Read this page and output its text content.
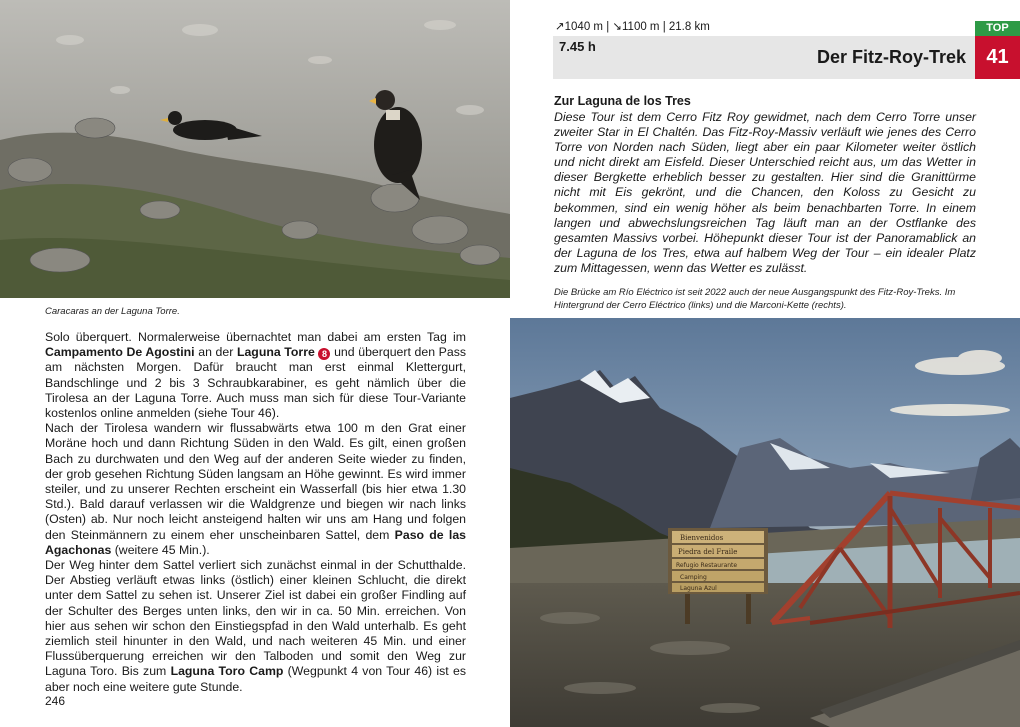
Caracaras an der Laguna Torre.

Solo überquert. Normalerweise übernachtet man dabei am ersten Tag im Campamento De Agostini an der Laguna Torre 8 und überquert den Pass am nächsten Morgen. Dafür braucht man erst einmal Klettergurt, Bandschlinge und 2 bis 3 Schraubkarabiner, es geht nämlich über die Tirolesa an der Laguna Torre. Auch muss man sich für diese Tour-Variante kostenlos online anmelden (siehe Tour 46).

Nach der Tirolesa wandern wir flussabwärts etwa 100 m den Grat einer Moräne hoch und dann Richtung Süden in den Wald. Es gilt, einen großen Bach zu durchwaten und den Weg auf der anderen Seite wieder zu finden, der grob gesehen Richtung Süden langsam an Höhe gewinnt. Es wird immer steiler, und zu unserer Rechten erscheint ein Wasserfall (bis hier etwa 1.30 Std.). Bald darauf verlassen wir die Waldgrenze und biegen wir nach links (Osten) ab. Nur noch leicht ansteigend halten wir uns am Hang und folgen den Steinmännern zu einem eher unscheinbaren Sattel, dem Paso de las Agachonas (weitere 45 Min.).

Der Weg hinter dem Sattel verliert sich zunächst einmal in der Schutthalde. Der Abstieg verläuft etwas links (östlich) einer kleinen Schlucht, die direkt unter dem Sattel zu sehen ist. Unserer Ziel ist dabei ein großer Findling auf der Schulter des Berges unten links, den wir in ca. 50 Min. erreichen. Von hier aus sehen wir schon den Einstiegspfad in den Wald unterhalb. Es geht ziemlich steil hinunter in den Wald, und nach weiteren 45 Min. und einer Flussüberquerung erreichen wir den Talboden und somit den Weg zur Laguna Toro. Bis zum Laguna Toro Camp (Wegpunkt 4 von Tour 46) ist es aber noch eine weitere gute Stunde.

246
↗1040 m | ↘1100 m | 21.8 km
7.45 h
Der Fitz-Roy-Trek
TOP
41
Zur Laguna de los Tres
Diese Tour ist dem Cerro Fitz Roy gewidmet, nach dem Cerro Torre unser zweiter Star in El Chaltén. Das Fitz-Roy-Massiv verläuft wie jenes des Cerro Torre von Norden nach Süden, liegt aber ein paar Kilometer weiter östlich und nicht direkt am Eisfeld. Dieser Unterschied reicht aus, um das Wetter in dieser Bergkette erheblich besser zu gestalten. Hier sind die Granittürme nicht mit Eis gekrönt, und die Chancen, den Koloss zu Gesicht zu bekommen, sind ein wenig höher als beim benachbarten Torre. In einem langen und abwechslungsreichen Tag läuft man an der Ostflanke des gesamten Massivs vorbei. Höhepunkt dieser Tour ist der Panoramablick an der Laguna de los Tres, etwa auf halbem Weg der Tour – ein idealer Platz zum Mittagessen, wenn das Wetter es zulässt.
Die Brücke am Río Eléctrico ist seit 2022 auch der neue Ausgangspunkt des Fitz-Roy-Treks. Im Hintergrund der Cerro Eléctrico (links) und die Marconi-Kette (rechts).
Bienvenidos
Piedra del Fraile
Refugio Restaurante
Camping
Laguna Azul
